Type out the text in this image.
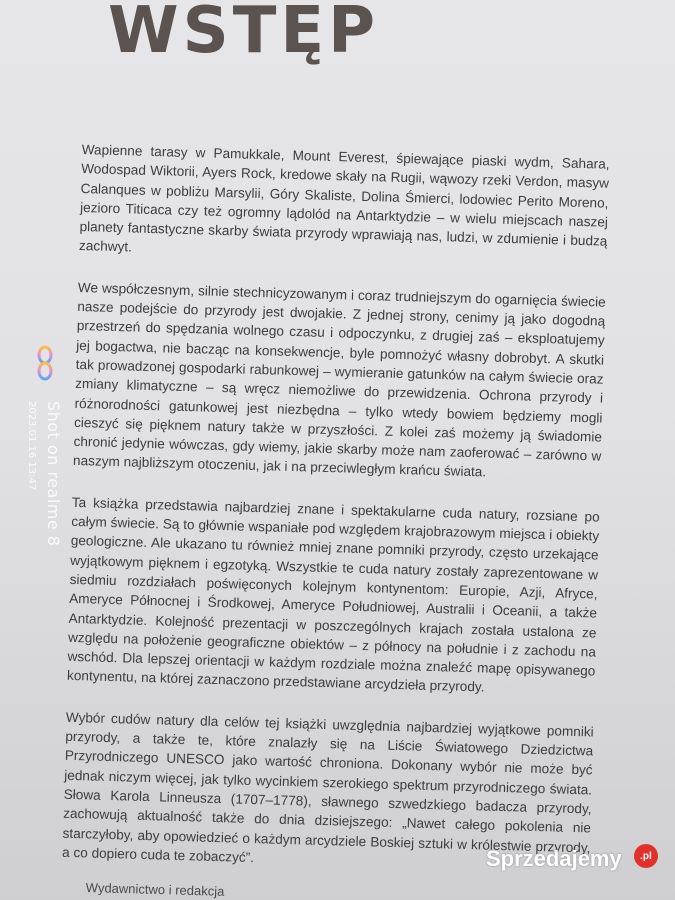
WSTĘP

Wapienne tarasy w Pamukkale, Mount Everest, śpiewające piaski wydm, Sahara, Wodospad Wiktorii, Ayers Rock, kredowe skały na Rugii, wąwozy rzeki Verdon, masyw Calanques w pobliżu Marsylii, Góry Skaliste, Dolina Śmierci, lodowiec Perito Moreno, jezioro Titicaca czy też ogromny lądolód na Antarktydzie – w wielu miejscach naszej planety fantastyczne skarby świata przyrody wprawiają nas, ludzi, w zdumienie i budzą zachwyt.

We współczesnym, silnie stechnicyzowanym i coraz trudniejszym do ogarnięcia świecie nasze podejście do przyrody jest dwojakie. Z jednej strony, cenimy ją jako dogodną przestrzeń do spędzania wolnego czasu i odpoczynku, z drugiej zaś – eksploatujemy jej bogactwa, nie bacząc na konsekwencje, byle pomnożyć własny dobrobyt. A skutki tak prowadzonej gospodarki rabunkowej – wymieranie gatunków na całym świecie oraz zmiany klimatyczne – są wręcz niemożliwe do przewidzenia. Ochrona przyrody i różnorodności gatunkowej jest niezbędna – tylko wtedy bowiem będziemy mogli cieszyć się pięknem natury także w przyszłości. Z kolei zaś możemy ją świadomie chronić jedynie wówczas, gdy wiemy, jakie skarby może nam zaoferować – zarówno w naszym najbliższym otoczeniu, jak i na przeciwległym krańcu świata.

Ta książka przedstawia najbardziej znane i spektakularne cuda natury, rozsiane po całym świecie. Są to głównie wspaniałe pod względem krajobrazowym miejsca i obiekty geologiczne. Ale ukazano tu również mniej znane pomniki przyrody, często urzekające wyjątkowym pięknem i egzotyką. Wszystkie te cuda natury zostały zaprezentowane w siedmiu rozdziałach poświęconych kolejnym kontynentom: Europie, Azji, Afryce, Ameryce Północnej i Środkowej, Ameryce Południowej, Australii i Oceanii, a także Antarktydzie. Kolejność prezentacji w poszczególnych krajach została ustalona ze względu na położenie geograficzne obiektów – z północy na południe i z zachodu na wschód. Dla lepszej orientacji w każdym rozdziale można znaleźć mapę opisywanego kontynentu, na której zaznaczono przedstawiane arcydzieła przyrody.

Wybór cudów natury dla celów tej książki uwzględnia najbardziej wyjątkowe pomniki przyrody, a także te, które znalazły się na Liście Światowego Dziedzictwa Przyrodniczego UNESCO jako wartość chroniona. Dokonany wybór nie może być jednak niczym więcej, jak tylko wycinkiem szerokiego spektrum przyrodniczego świata. Słowa Karola Linneusza (1707–1778), sławnego szwedzkiego badacza przyrody, zachowują aktualność także do dnia dzisiejszego: „Nawet całego pokolenia nie starczyłoby, aby opowiedzieć o każdym arcydziele Boskiej sztuki w królestwie przyrody, a co dopiero cuda te zobaczyć”.

Wydawnictwo i redakcja
Shot on realme 8
2023.01.16 13:47
Sprzedajemy	.pl
